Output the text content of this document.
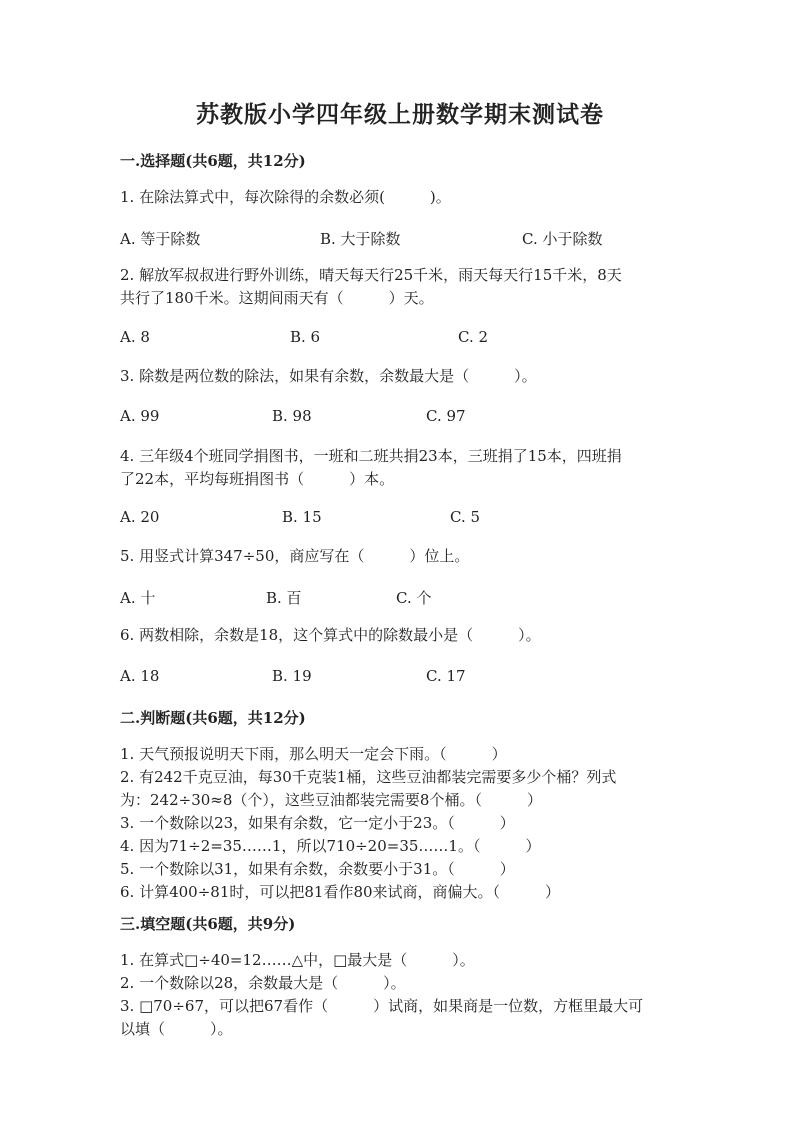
苏教版小学四年级上册数学期末测试卷
一.选择题(共6题，共12分)
1. 在除法算式中，每次除得的余数必须(　　　)。
A. 等于除数	B. 大于除数	C. 小于除数
2. 解放军叔叔进行野外训练，晴天每天行25千米，雨天每天行15千米，8天
共行了180千米。这期间雨天有（　　　）天。
A. 8	B. 6	C. 2
3. 除数是两位数的除法，如果有余数，余数最大是（　　　）。
A. 99	B. 98	C. 97
4. 三年级4个班同学捐图书，一班和二班共捐23本，三班捐了15本，四班捐
了22本，平均每班捐图书（　　　）本。
A. 20	B. 15	C. 5
5. 用竖式计算347÷50，商应写在（　　　）位上。
A. 十	B. 百	C. 个
6. 两数相除，余数是18，这个算式中的除数最小是（　　　）。
A. 18	B. 19	C. 17
二.判断题(共6题，共12分)
1. 天气预报说明天下雨，那么明天一定会下雨。（　　　）
2. 有242千克豆油，每30千克装1桶，这些豆油都装完需要多少个桶？列式
为：242÷30≈8（个），这些豆油都装完需要8个桶。（　　　）
3. 一个数除以23，如果有余数，它一定小于23。（　　　）
4. 因为71÷2=35……1，所以710÷20=35……1。（　　　）
5. 一个数除以31，如果有余数，余数要小于31。（　　　）
6. 计算400÷81时，可以把81看作80来试商，商偏大。（　　　）
三.填空题(共6题，共9分)
1. 在算式□÷40=12……△中，□最大是（　　　）。
2. 一个数除以28，余数最大是（　　　）。
3. □70÷67，可以把67看作（　　　）试商，如果商是一位数，方框里最大可
以填（　　　）。
